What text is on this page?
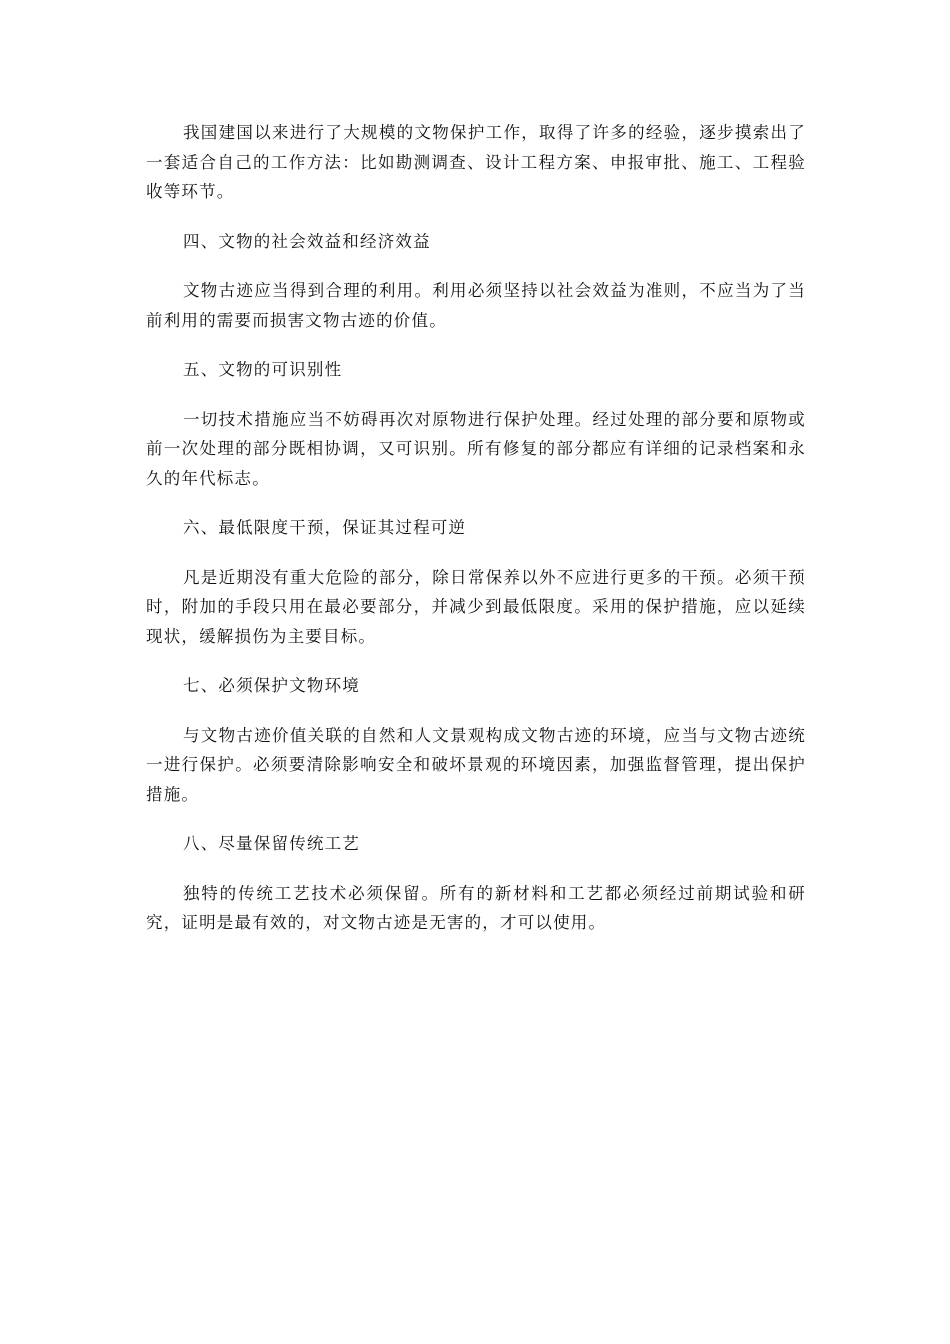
我国建国以来进行了大规模的文物保护工作，取得了许多的经验，逐步摸索出了一套适合自己的工作方法：比如勘测调查、设计工程方案、申报审批、施工、工程验收等环节。

四、文物的社会效益和经济效益

文物古迹应当得到合理的利用。利用必须坚持以社会效益为准则，不应当为了当前利用的需要而损害文物古迹的价值。

五、文物的可识别性

一切技术措施应当不妨碍再次对原物进行保护处理。经过处理的部分要和原物或前一次处理的部分既相协调，又可识别。所有修复的部分都应有详细的记录档案和永久的年代标志。

六、最低限度干预，保证其过程可逆

凡是近期没有重大危险的部分，除日常保养以外不应进行更多的干预。必须干预时，附加的手段只用在最必要部分，并减少到最低限度。采用的保护措施，应以延续现状，缓解损伤为主要目标。

七、必须保护文物环境

与文物古迹价值关联的自然和人文景观构成文物古迹的环境，应当与文物古迹统一进行保护。必须要清除影响安全和破坏景观的环境因素，加强监督管理，提出保护措施。

八、尽量保留传统工艺

独特的传统工艺技术必须保留。所有的新材料和工艺都必须经过前期试验和研究，证明是最有效的，对文物古迹是无害的，才可以使用。
